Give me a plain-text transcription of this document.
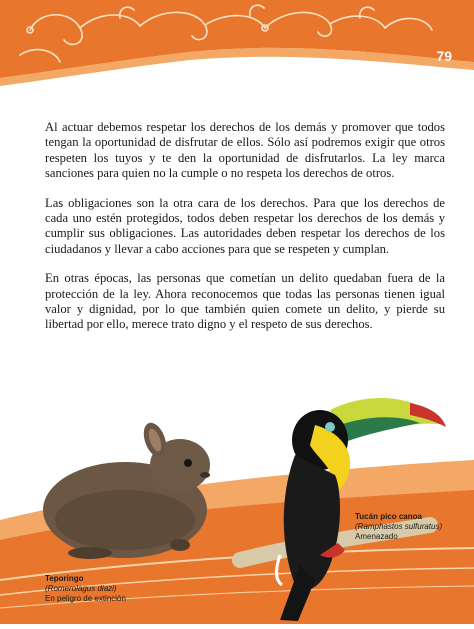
79

Al actuar debemos respetar los derechos de los demás y promover que todos tengan la oportunidad de disfrutar de ellos. Sólo así podremos exigir que otros respeten los tuyos y te den la oportunidad de disfrutarlos. La ley marca sanciones para quien no la cumple o no respeta los derechos de otros.

Las obligaciones son la otra cara de los derechos. Para que los derechos de cada uno estén protegidos, todos deben respetar los derechos de los demás y cumplir sus obligaciones. Las autoridades deben respetar los derechos de los ciudadanos y llevar a cabo acciones para que se respeten y cumplan.

En otras épocas, las personas que cometían un delito quedaban fuera de la protección de la ley. Ahora reconocemos que todas las personas tienen igual valor y dignidad, por lo que también quien comete un delito, y pierde su libertad por ello, merece trato digno y el respeto de sus derechos.

Tucán pico canoa
(Ramphastos sulfuratus)
Amenazado
Teporingo
(Romerolagus diazi)
En peligro de extinción
